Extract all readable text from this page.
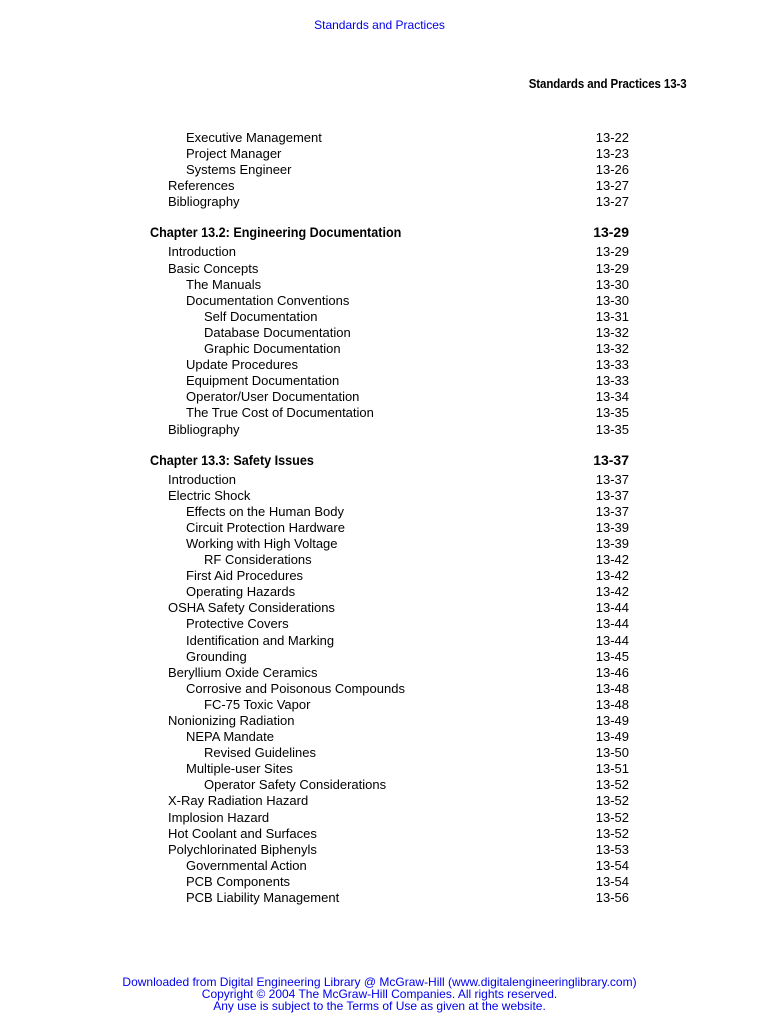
Standards and Practices
Standards and Practices 13-3
Executive Management	13-22
Project Manager	13-23
Systems Engineer	13-26
References	13-27
Bibliography	13-27
Chapter 13.2: Engineering Documentation	13-29
Introduction	13-29
Basic Concepts	13-29
The Manuals	13-30
Documentation Conventions	13-30
Self Documentation	13-31
Database Documentation	13-32
Graphic Documentation	13-32
Update Procedures	13-33
Equipment Documentation	13-33
Operator/User Documentation	13-34
The True Cost of Documentation	13-35
Bibliography	13-35
Chapter 13.3: Safety Issues	13-37
Introduction	13-37
Electric Shock	13-37
Effects on the Human Body	13-37
Circuit Protection Hardware	13-39
Working with High Voltage	13-39
RF Considerations	13-42
First Aid Procedures	13-42
Operating Hazards	13-42
OSHA Safety Considerations	13-44
Protective Covers	13-44
Identification and Marking	13-44
Grounding	13-45
Beryllium Oxide Ceramics	13-46
Corrosive and Poisonous Compounds	13-48
FC-75 Toxic Vapor	13-48
Nonionizing Radiation	13-49
NEPA Mandate	13-49
Revised Guidelines	13-50
Multiple-user Sites	13-51
Operator Safety Considerations	13-52
X-Ray Radiation Hazard	13-52
Implosion Hazard	13-52
Hot Coolant and Surfaces	13-52
Polychlorinated Biphenyls	13-53
Governmental Action	13-54
PCB Components	13-54
PCB Liability Management	13-56
Downloaded from Digital Engineering Library @ McGraw-Hill (www.digitalengineeringlibrary.com)
Copyright © 2004 The McGraw-Hill Companies. All rights reserved.
Any use is subject to the Terms of Use as given at the website.
